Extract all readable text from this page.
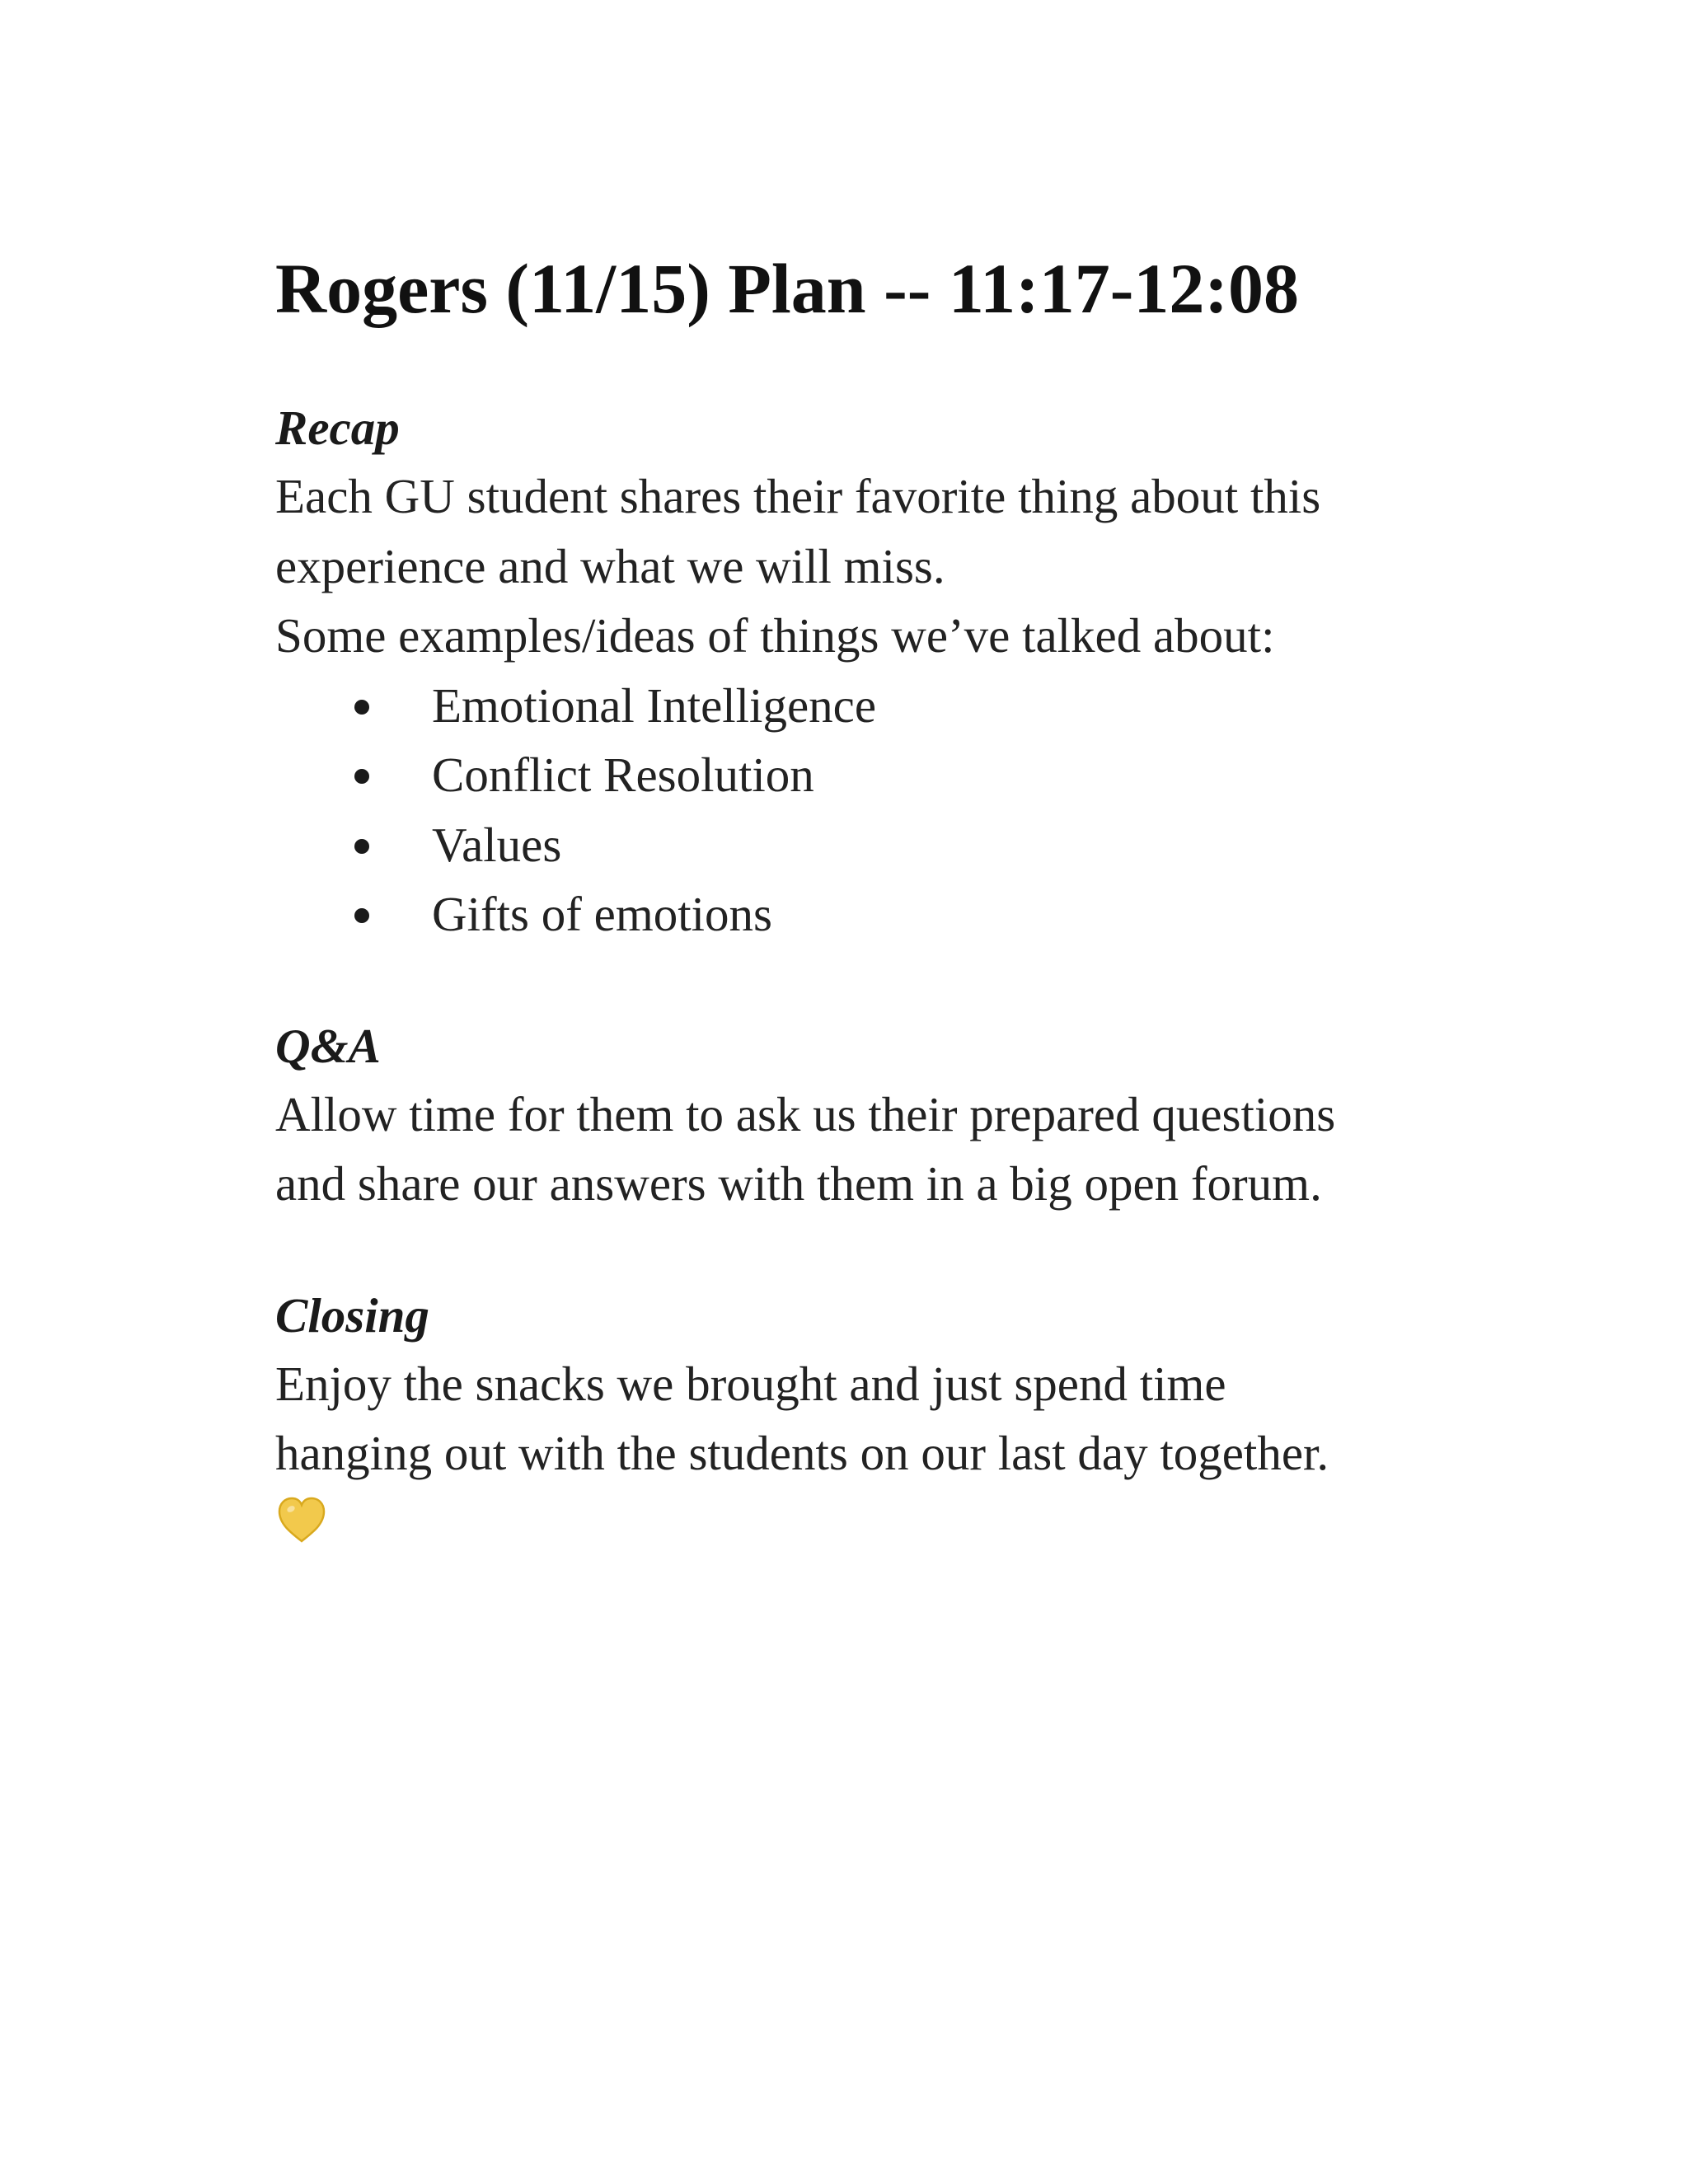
Rogers (11/15) Plan -- 11:17-12:08
Recap

Each GU student shares their favorite thing about this

experience and what we will miss.

Some examples/ideas of things we’ve talked about:

Emotional Intelligence
Conflict Resolution
Values
Gifts of emotions
Q&A

Allow time for them to ask us their prepared questions

and share our answers with them in a big open forum.

Closing

Enjoy the snacks we brought and just spend time

hanging out with the students on our last day together.
